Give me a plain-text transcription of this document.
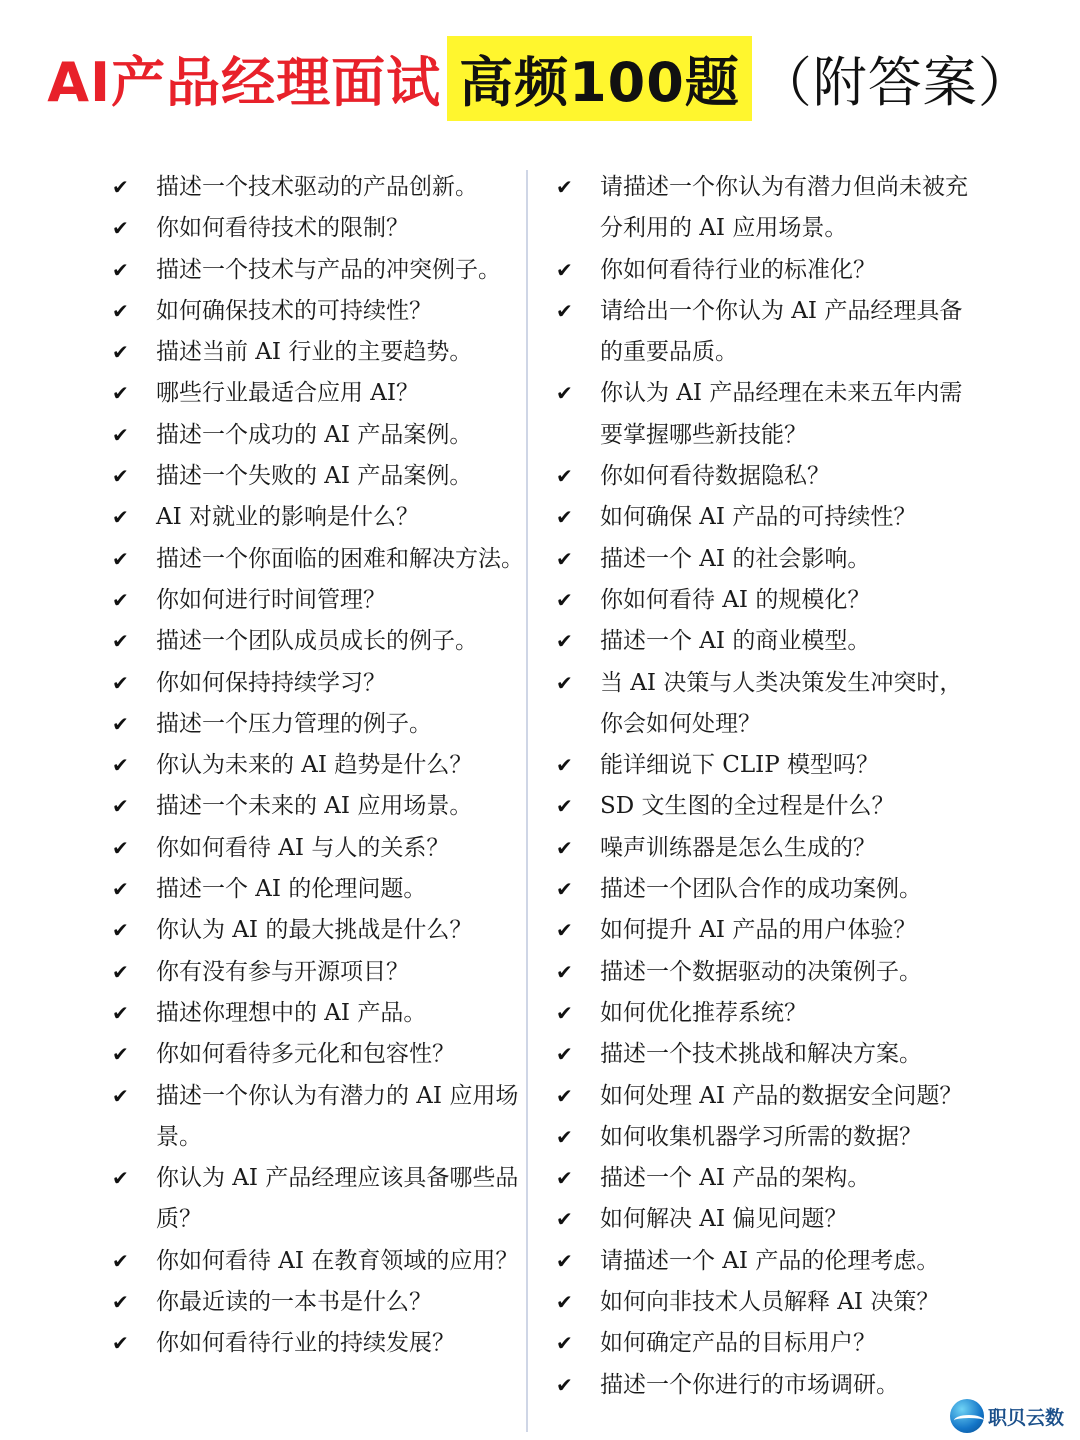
AI产品经理面试 高频100题 （附答案）
✔	描述一个技术驱动的产品创新。
✔	你如何看待技术的限制？
✔	描述一个技术与产品的冲突例子。
✔	如何确保技术的可持续性？
✔	描述当前 AI 行业的主要趋势。
✔	哪些行业最适合应用 AI？
✔	描述一个成功的 AI 产品案例。
✔	描述一个失败的 AI 产品案例。
✔	AI 对就业的影响是什么？
✔	描述一个你面临的困难和解决方法。
✔	你如何进行时间管理？
✔	描述一个团队成员成长的例子。
✔	你如何保持持续学习？
✔	描述一个压力管理的例子。
✔	你认为未来的 AI 趋势是什么？
✔	描述一个未来的 AI 应用场景。
✔	你如何看待 AI 与人的关系？
✔	描述一个 AI 的伦理问题。
✔	你认为 AI 的最大挑战是什么？
✔	你有没有参与开源项目？
✔	描述你理想中的 AI 产品。
✔	你如何看待多元化和包容性？
✔	描述一个你认为有潜力的 AI 应用场景。
✔	你认为 AI 产品经理应该具备哪些品质？
✔	你如何看待 AI 在教育领域的应用？
✔	你最近读的一本书是什么？
✔	你如何看待行业的持续发展？
✔	请描述一个你认为有潜力但尚未被充分利用的 AI 应用场景。
✔	你如何看待行业的标准化？
✔	请给出一个你认为 AI 产品经理具备的重要品质。
✔	你认为 AI 产品经理在未来五年内需要掌握哪些新技能？
✔	你如何看待数据隐私？
✔	如何确保 AI 产品的可持续性？
✔	描述一个 AI 的社会影响。
✔	你如何看待 AI 的规模化？
✔	描述一个 AI 的商业模型。
✔	当 AI 决策与人类决策发生冲突时，你会如何处理？
✔	能详细说下 CLIP 模型吗？
✔	SD 文生图的全过程是什么？
✔	噪声训练器是怎么生成的？
✔	描述一个团队合作的成功案例。
✔	如何提升 AI 产品的用户体验？
✔	描述一个数据驱动的决策例子。
✔	如何优化推荐系统？
✔	描述一个技术挑战和解决方案。
✔	如何处理 AI 产品的数据安全问题？
✔	如何收集机器学习所需的数据？
✔	描述一个 AI 产品的架构。
✔	如何解决 AI 偏见问题？
✔	请描述一个 AI 产品的伦理考虑。
✔	如何向非技术人员解释 AI 决策？
✔	如何确定产品的目标用户？
✔	描述一个你进行的市场调研。
职贝云数
